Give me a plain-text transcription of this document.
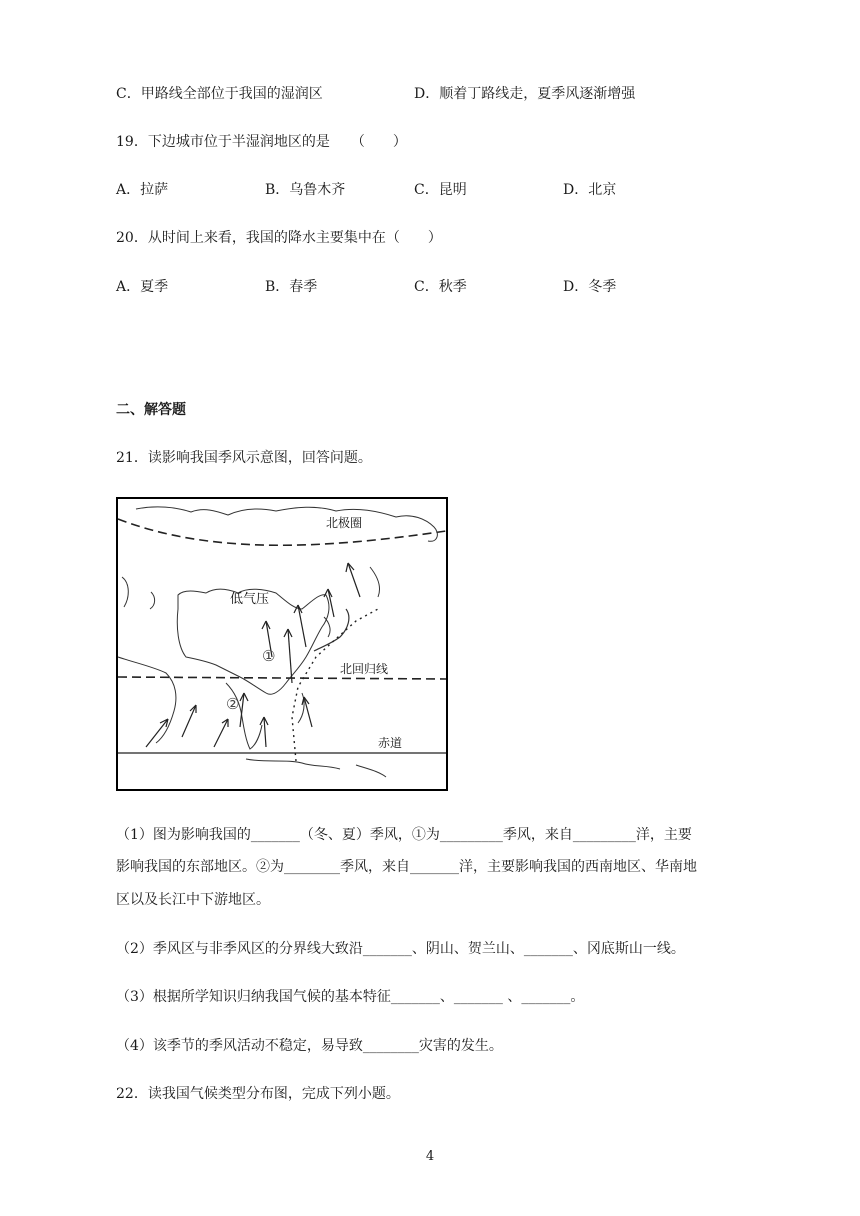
C．甲路线全部位于我国的湿润区	D．顺着丁路线走，夏季风逐渐增强
19．下边城市位于半湿润地区的是　　（　　）
A．拉萨	B．乌鲁木齐	C．昆明	D．北京
20．从时间上来看，我国的降水主要集中在（　　）
A．夏季	B．春季	C．秋季	D．冬季
二、解答题
21．读影响我国季风示意图，回答问题。
北极圈
低气压
北回归线
赤道
①
②
（1）图为影响我国的_______（冬、夏）季风，①为_________季风，来自_________洋，主要
影响我国的东部地区。②为________季风，来自_______洋，主要影响我国的西南地区、华南地
区以及长江中下游地区。
（2）季风区与非季风区的分界线大致沿_______、阴山、贺兰山、_______、冈底斯山一线。
（3）根据所学知识归纳我国气候的基本特征_______、_______ 、_______。
（4）该季节的季风活动不稳定，易导致________灾害的发生。
22．读我国气候类型分布图，完成下列小题。
4
